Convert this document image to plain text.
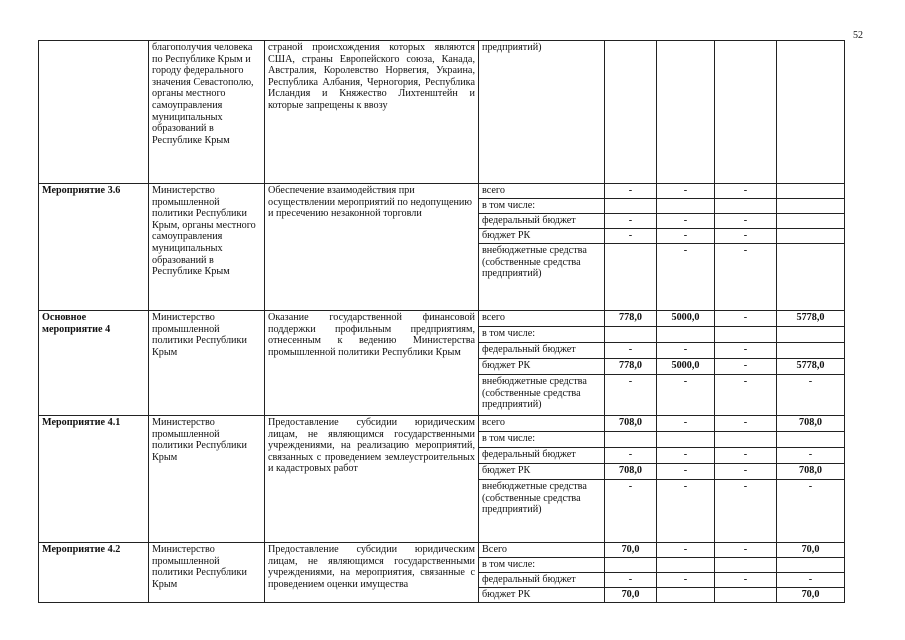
52
	благополучия человека по Республике Крым и городу федерального значения Севастополю, органы местного самоуправления муниципальных образований в Республике Крым	страной происхождения которых являются США, страны Европейского союза, Канада, Австралия, Королевство Норвегия, Украина, Республика Албания, Черногория, Республика Исландия и Княжество Лихтенштейн и которые запрещены к ввозу	предприятий)				
Мероприятие 3.6	Министерство промышленной политики Республики Крым, органы местного самоуправления муниципальных образований в Республике Крым	Обеспечение взаимодействия при осуществлении мероприятий по недопущению и пресечению незаконной торговли	всего	-	-	-	
			в том числе:				
			федеральный бюджет	-	-	-	
			бюджет РК	-	-	-	
			внебюджетные средства (собственные средства предприятий)		-	-	
Основное мероприятие 4	Министерство промышленной политики Республики Крым	Оказание государственной финансовой поддержки профильным предприятиям, отнесенным к ведению Министерства промышленной политики Республики Крым	всего	778,0	5000,0	-	5778,0
			в том числе:				
			федеральный бюджет	-	-	-	
			бюджет РК	778,0	5000,0	-	5778,0
			внебюджетные средства (собственные средства предприятий)	-	-	-	-
Мероприятие 4.1	Министерство промышленной политики Республики Крым	Предоставление субсидии юридическим лицам, не являющимся государственными учреждениями, на реализацию мероприятий, связанных с проведением землеустроительных и кадастровых работ	всего	708,0	-	-	708,0
			в том числе:				
			федеральный бюджет	-	-	-	-
			бюджет РК	708,0	-	-	708,0
			внебюджетные средства (собственные средства предприятий)	-	-	-	-
Мероприятие 4.2	Министерство промышленной политики Республики Крым	Предоставление субсидии юридическим лицам, не являющимся государственными учреждениями, на мероприятия, связанные с проведением оценки имущества	Всего	70,0	-	-	70,0
			в том числе:				
			федеральный бюджет	-	-	-	-
			бюджет РК	70,0			70,0
